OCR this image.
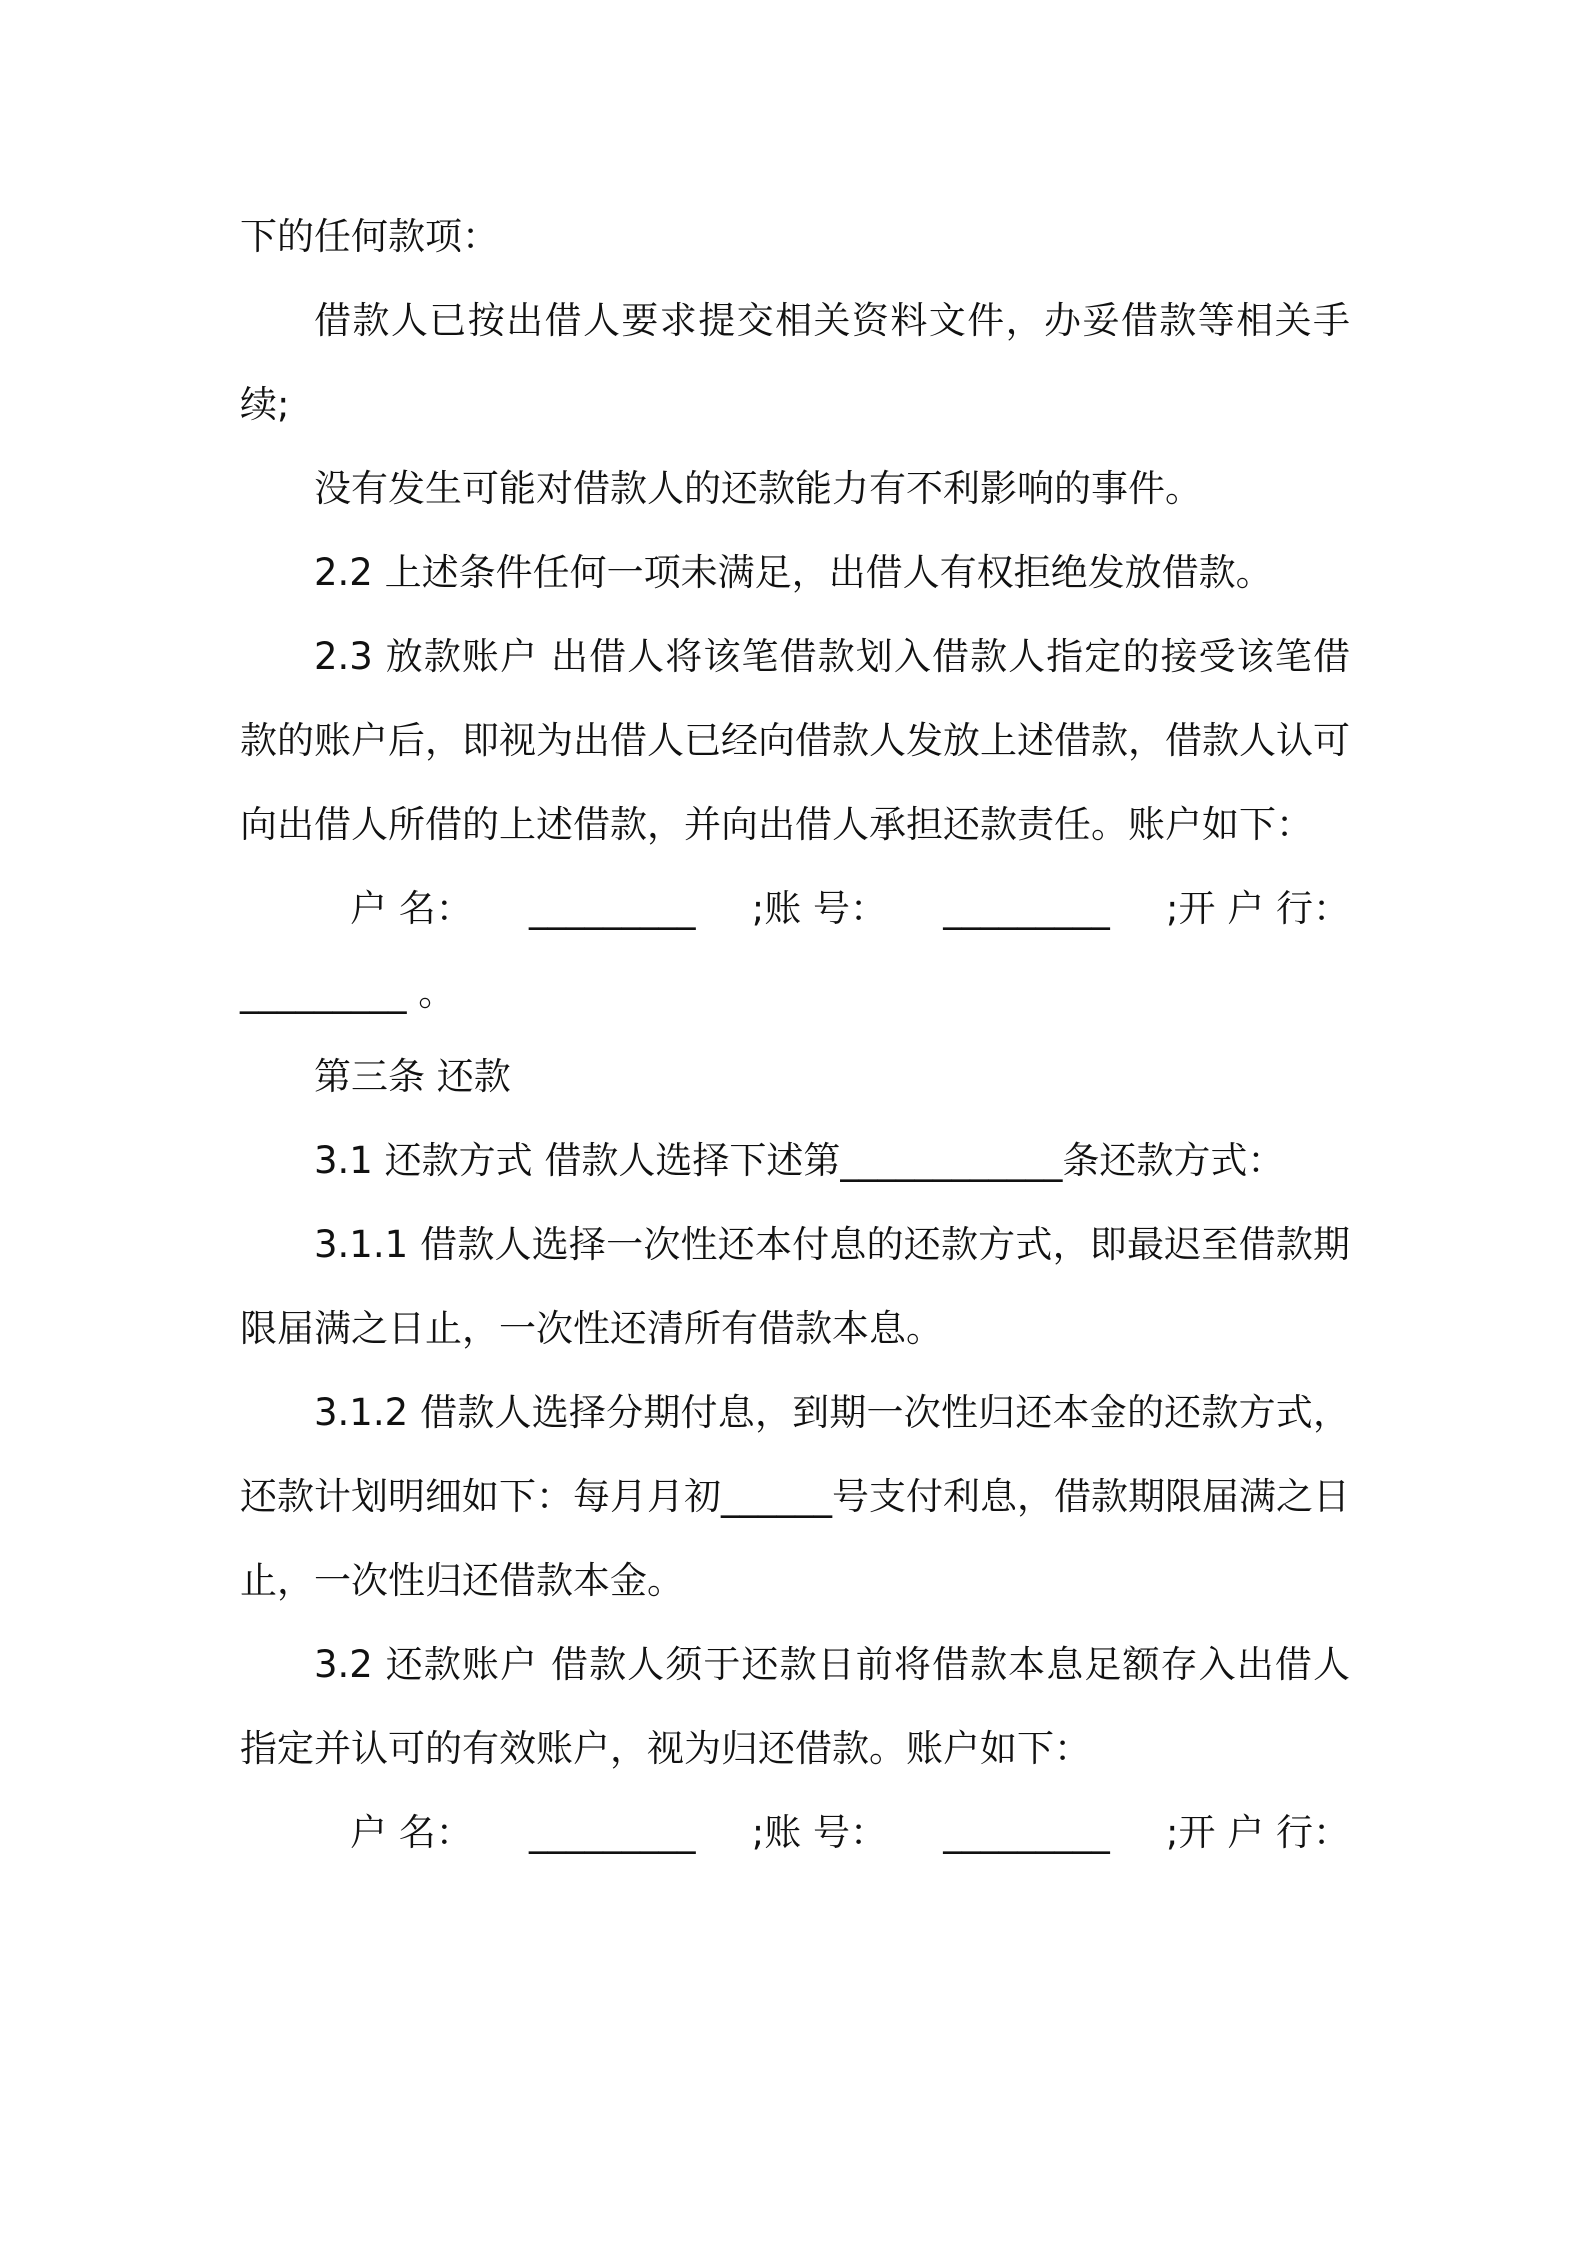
下的任何款项：

借款人已按出借人要求提交相关资料文件，办妥借款等相关手续;

没有发生可能对借款人的还款能力有不利影响的事件。

2.2 上述条件任何一项未满足，出借人有权拒绝发放借款。

2.3 放款账户 出借人将该笔借款划入借款人指定的接受该笔借款的账户后，即视为出借人已经向借款人发放上述借款，借款人认可向出借人所借的上述借款，并向出借人承担还款责任。账户如下：

户 名： _________ ;账 号： _________ ;开 户 行：

_________ 。

第三条 还款

3.1 还款方式 借款人选择下述第____________条还款方式：

3.1.1 借款人选择一次性还本付息的还款方式，即最迟至借款期限届满之日止，一次性还清所有借款本息。

3.1.2 借款人选择分期付息，到期一次性归还本金的还款方式，还款计划明细如下：每月月初______号支付利息，借款期限届满之日止，一次性归还借款本金。

3.2 还款账户 借款人须于还款日前将借款本息足额存入出借人指定并认可的有效账户，视为归还借款。账户如下：

户 名： _________ ;账 号： _________ ;开 户 行：
